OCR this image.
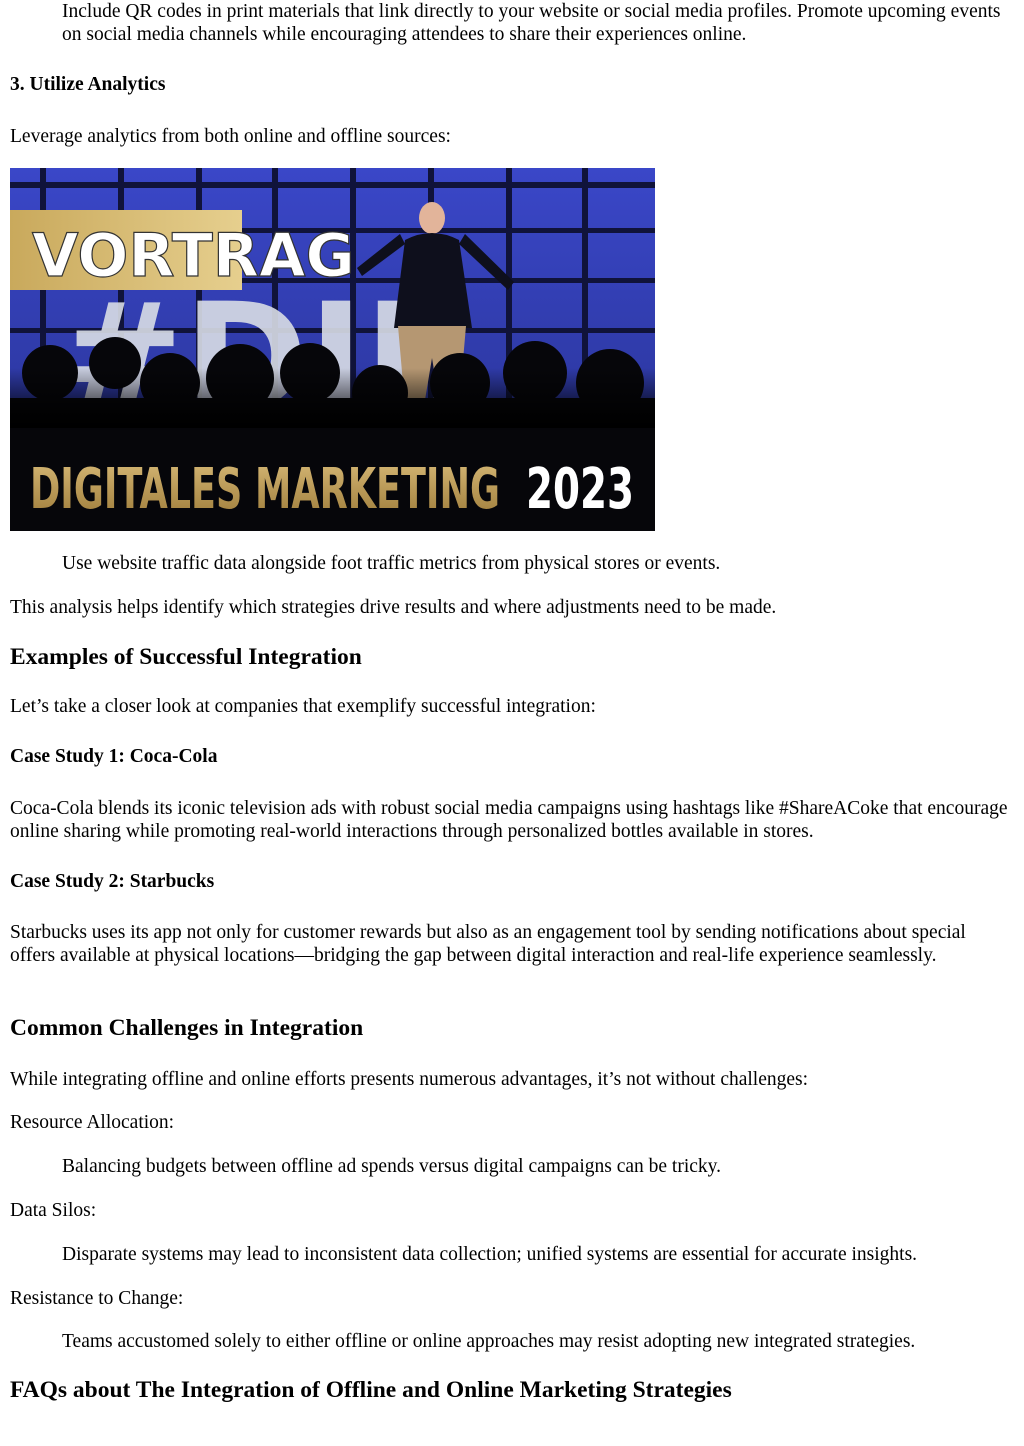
Include QR codes in print materials that link directly to your website or social media profiles. Promote upcoming events on social media channels while encouraging attendees to share their experiences online.

3. Utilize Analytics

Leverage analytics from both online and offline sources:

VORTRAG
DIGITALES MARKETING 2023

Use website traffic data alongside foot traffic metrics from physical stores or events.

This analysis helps identify which strategies drive results and where adjustments need to be made.

Examples of Successful Integration

Let’s take a closer look at companies that exemplify successful integration:

Case Study 1: Coca-Cola

Coca-Cola blends its iconic television ads with robust social media campaigns using hashtags like #ShareACoke that encourage online sharing while promoting real-world interactions through personalized bottles available in stores.

Case Study 2: Starbucks

Starbucks uses its app not only for customer rewards but also as an engagement tool by sending notifications about special offers available at physical locations—bridging the gap between digital interaction and real-life experience seamlessly.

Common Challenges in Integration

While integrating offline and online efforts presents numerous advantages, it’s not without challenges:

Resource Allocation:

Balancing budgets between offline ad spends versus digital campaigns can be tricky.

Data Silos:

Disparate systems may lead to inconsistent data collection; unified systems are essential for accurate insights.

Resistance to Change:

Teams accustomed solely to either offline or online approaches may resist adopting new integrated strategies.

FAQs about The Integration of Offline and Online Marketing Strategies
